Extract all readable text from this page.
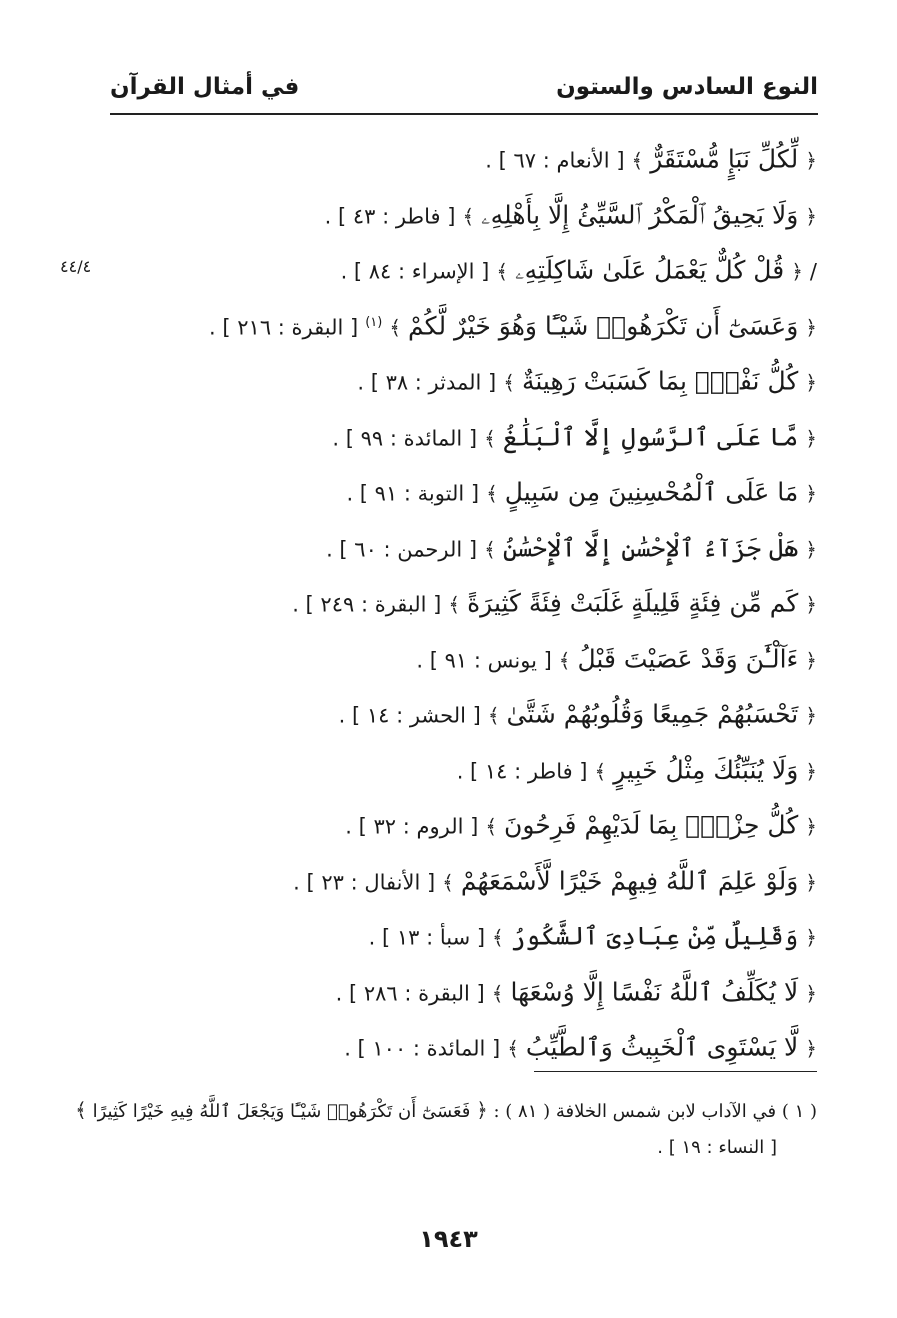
النوع السادس والستون
في أمثال القرآن
٤٤/٤
﴿ لِّكُلِّ نَبَإٍ مُّسْتَقَرٌّ ﴾ [ الأنعام : ٦٧ ] .
﴿ وَلَا يَحِيقُ ٱلْمَكْرُ ٱلسَّيِّئُ إِلَّا بِأَهْلِهِۦ ﴾ [ فاطر : ٤٣ ] .
/ ﴿ قُلْ كُلٌّ يَعْمَلُ عَلَىٰ شَاكِلَتِهِۦ ﴾ [ الإسراء : ٨٤ ] .
﴿ وَعَسَىٰٓ أَن تَكْرَهُوا۟ شَيْـًٔا وَهُوَ خَيْرٌ لَّكُمْ ﴾ $^{(١)}$ [ البقرة : ٢١٦ ] .
﴿ كُلُّ نَفْسٍۭ بِمَا كَسَبَتْ رَهِينَةٌ ﴾ [ المدثر : ٣٨ ] .
﴿ مَّا عَلَى ٱلرَّسُولِ إِلَّا ٱلْبَلَٰغُ ﴾ [ المائدة : ٩٩ ] .
﴿ مَا عَلَى ٱلْمُحْسِنِينَ مِن سَبِيلٍ ﴾ [ التوبة : ٩١ ] .
﴿ هَلْ جَزَآءُ ٱلْإِحْسَٰنِ إِلَّا ٱلْإِحْسَٰنُ ﴾ [ الرحمن : ٦٠ ] .
﴿ كَم مِّن فِئَةٍ قَلِيلَةٍ غَلَبَتْ فِئَةً كَثِيرَةً ﴾ [ البقرة : ٢٤٩ ] .
﴿ ءَآلْـَٰٔنَ وَقَدْ عَصَيْتَ قَبْلُ ﴾ [ يونس : ٩١ ] .
﴿ تَحْسَبُهُمْ جَمِيعًا وَقُلُوبُهُمْ شَتَّىٰ ﴾ [ الحشر : ١٤ ] .
﴿ وَلَا يُنَبِّئُكَ مِثْلُ خَبِيرٍ ﴾ [ فاطر : ١٤ ] .
﴿ كُلُّ حِزْبٍۭ بِمَا لَدَيْهِمْ فَرِحُونَ ﴾ [ الروم : ٣٢ ] .
﴿ وَلَوْ عَلِمَ ٱللَّهُ فِيهِمْ خَيْرًا لَّأَسْمَعَهُمْ ﴾ [ الأنفال : ٢٣ ] .
﴿ وَقَلِيلٌ مِّنْ عِبَادِىَ ٱلشَّكُورُ ﴾ [ سبأ : ١٣ ] .
﴿ لَا يُكَلِّفُ ٱللَّهُ نَفْسًا إِلَّا وُسْعَهَا ﴾ [ البقرة : ٢٨٦ ] .
﴿ لَّا يَسْتَوِى ٱلْخَبِيثُ وَٱلطَّيِّبُ ﴾ [ المائدة : ١٠٠ ] .
( ١ ) في الآداب لابن شمس الخلافة ( ٨١ ) : ﴿ فَعَسَىٰٓ أَن تَكْرَهُوا۟ شَيْـًٔا وَيَجْعَلَ ٱللَّهُ فِيهِ خَيْرًا كَثِيرًا ﴾
[ النساء : ١٩ ] .
١٩٤٣
